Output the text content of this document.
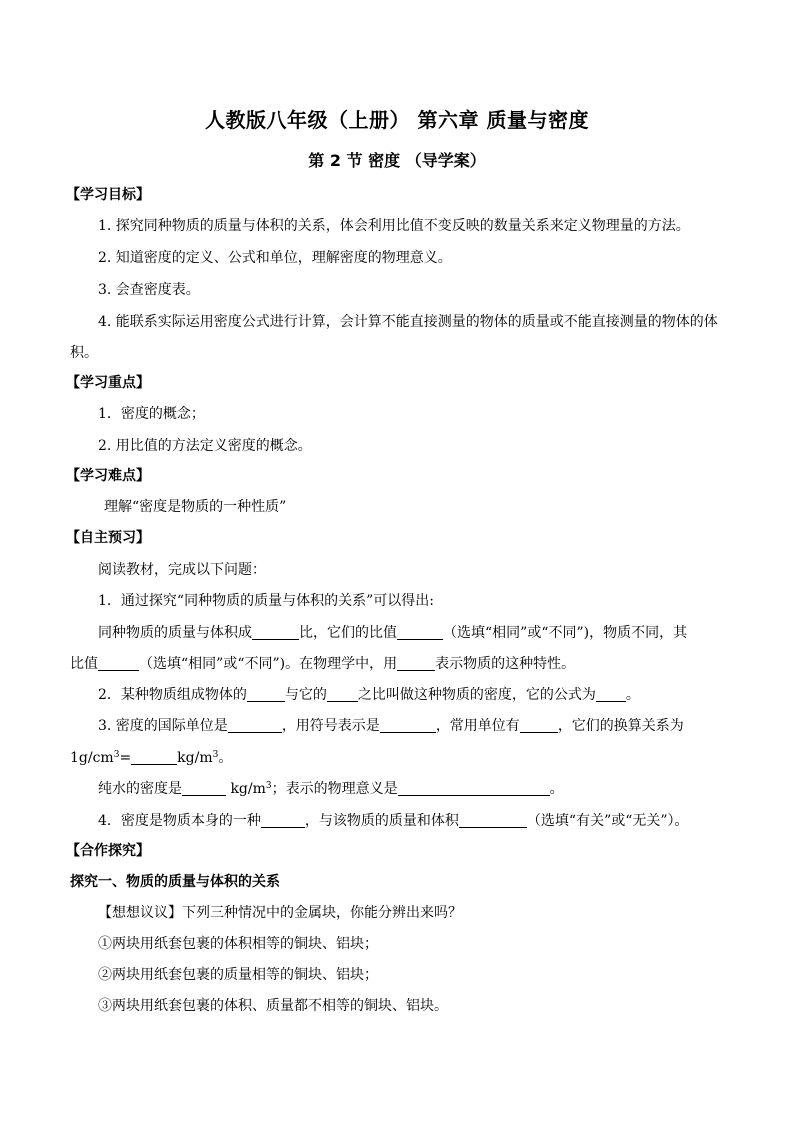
人教版八年级（上册） 第六章 质量与密度
第 2 节 密度 （导学案）
【学习目标】
1. 探究同种物质的质量与体积的关系，体会利用比值不变反映的数量关系来定义物理量的方法。
2. 知道密度的定义、公式和单位，理解密度的物理意义。
3. 会查密度表。
4. 能联系实际运用密度公式进行计算，会计算不能直接测量的物体的质量或不能直接测量的物体的体
积。
【学习重点】
1．密度的概念；
2. 用比值的方法定义密度的概念。
【学习难点】
理解“密度是物质的一种性质”
【自主预习】
阅读教材，完成以下问题：
1．通过探究“同种物质的质量与体积的关系”可以得出:
同种物质的质量与体积成	比，它们的比值	（选填“相同”或“不同”)，物质不同，其
比值	（选填“相同”或“不同”)。在物理学中，用	表示物质的这种特性。
2．某种物质组成物体的	与它的 之比叫做这种物质的密度，它的公式为 。
3. 密度的国际单位是	，用符号表示是	，常用单位有	，它们的换算关系为
$1g/cm^3=$	$kg/m^3$。
纯水的密度是	$kg/m^3$；表示的物理意义是	。
4．密度是物质本身的一种	，与该物质的质量和体积	（选填“有关”或“无关”）。
【合作探究】
探究一、物质的质量与体积的关系
【想想议议】下列三种情况中的金属块，你能分辨出来吗？
①两块用纸套包裹的体积相等的铜块、铝块；
②两块用纸套包裹的质量相等的铜块、铝块；
③两块用纸套包裹的体积、质量都不相等的铜块、铝块。
